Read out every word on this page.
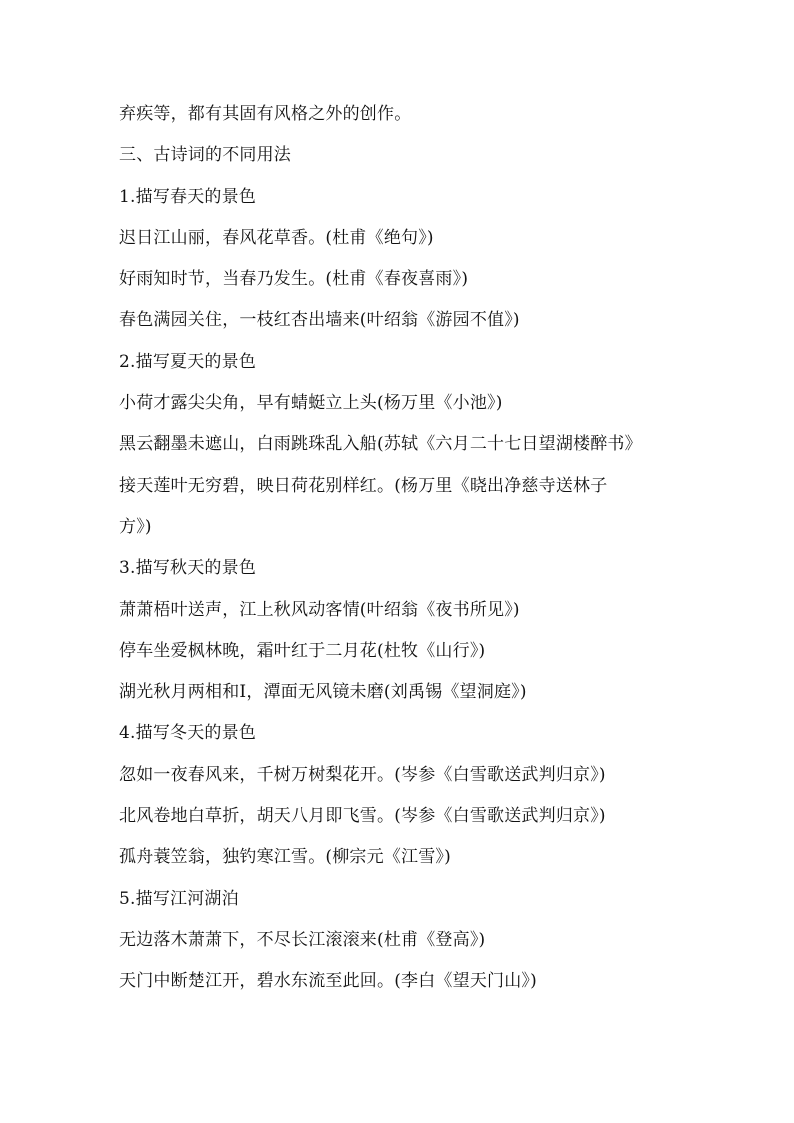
弃疾等，都有其固有风格之外的创作。
三、古诗词的不同用法
1.描写春天的景色
迟日江山丽，春风花草香。(杜甫《绝句》)
好雨知时节，当春乃发生。(杜甫《春夜喜雨》)
春色满园关住，一枝红杏出墙来(叶绍翁《游园不值》)
2.描写夏天的景色
小荷才露尖尖角，早有蜻蜓立上头(杨万里《小池》)
黑云翻墨未遮山，白雨跳珠乱入船(苏轼《六月二十七日望湖楼醉书》
接天莲叶无穷碧，映日荷花别样红。(杨万里《晓出净慈寺送林子
方》)
3.描写秋天的景色
萧萧梧叶送声，江上秋风动客情(叶绍翁《夜书所见》)
停车坐爱枫林晚，霜叶红于二月花(杜牧《山行》)
湖光秋月两相和I，潭面无风镜未磨(刘禹锡《望洞庭》)
4.描写冬天的景色
忽如一夜春风来，千树万树梨花开。(岑参《白雪歌送武判归京》)
北风卷地白草折，胡天八月即飞雪。(岑参《白雪歌送武判归京》)
孤舟蓑笠翁，独钓寒江雪。(柳宗元《江雪》)
5.描写江河湖泊
无边落木萧萧下，不尽长江滚滚来(杜甫《登高》)
天门中断楚江开，碧水东流至此回。(李白《望天门山》)
